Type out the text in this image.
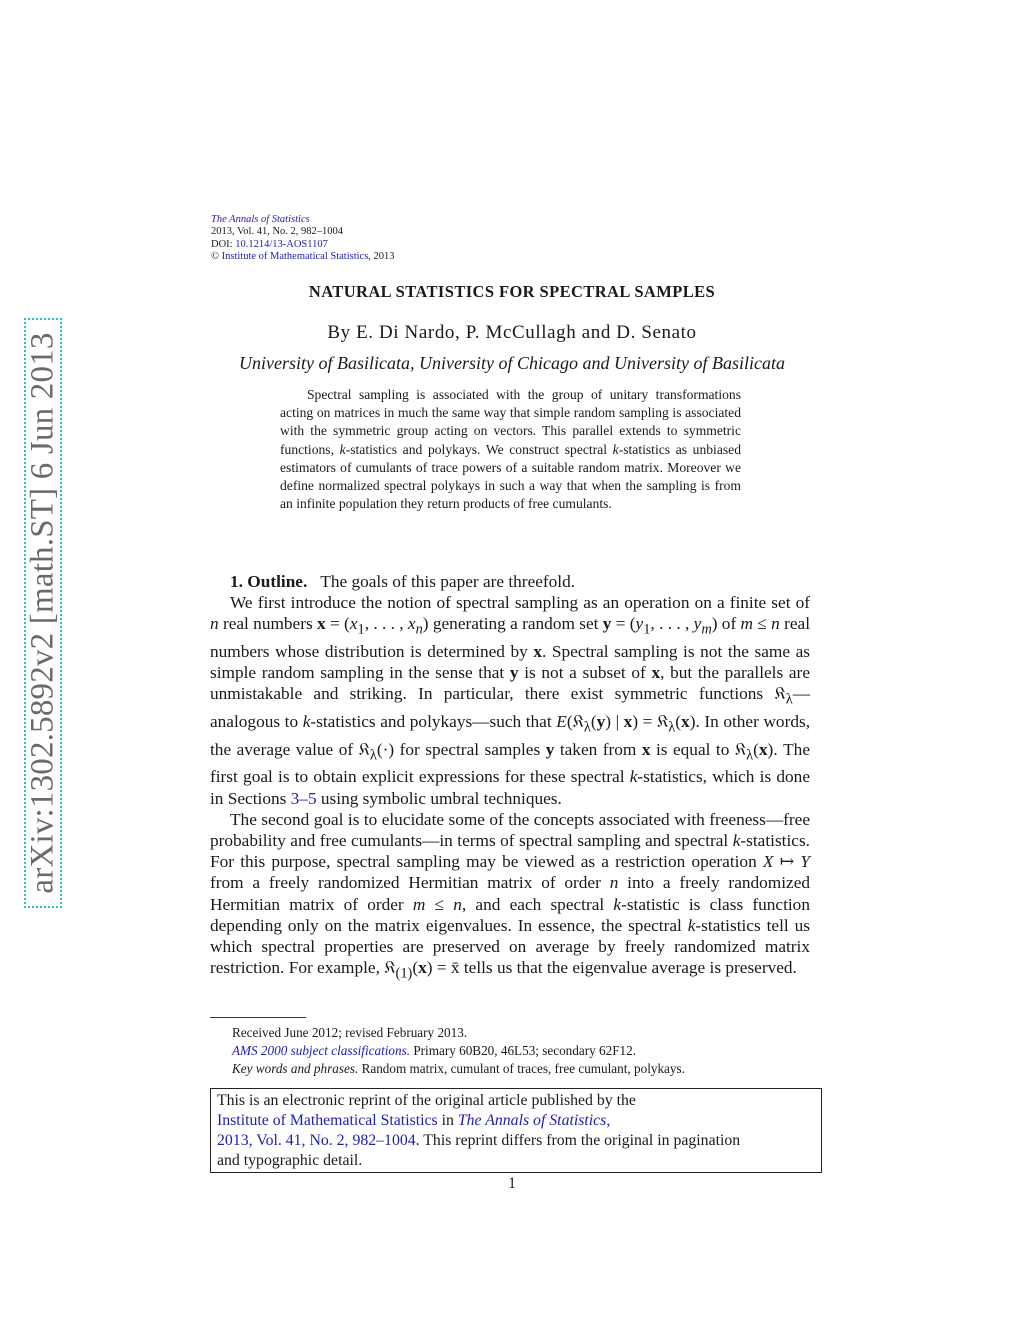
arXiv:1302.5892v2 [math.ST] 6 Jun 2013
The Annals of Statistics
2013, Vol. 41, No. 2, 982–1004
DOI: 10.1214/13-AOS1107
© Institute of Mathematical Statistics, 2013
NATURAL STATISTICS FOR SPECTRAL SAMPLES
By E. Di Nardo, P. McCullagh and D. Senato
University of Basilicata, University of Chicago and University of Basilicata

Spectral sampling is associated with the group of unitary transformations acting on matrices in much the same way that simple random sampling is associated with the symmetric group acting on vectors. This parallel extends to symmetric functions, k-statistics and polykays. We construct spectral k-statistics as unbiased estimators of cumulants of trace powers of a suitable random matrix. Moreover we define normalized spectral polykays in such a way that when the sampling is from an infinite population they return products of free cumulants.

1. Outline. The goals of this paper are threefold.

We first introduce the notion of spectral sampling as an operation on a finite set of n real numbers $x = (x_1$, . . . , $x_n$) generating a random set $y = (y_1$, . . . , $y_m$) of m ≤ n real numbers whose distribution is determined by x. Spectral sampling is not the same as simple random sampling in the sense that y is not a subset of x, but the parallels are unmistakable and striking. In particular, there exist symmetric functions 𝔎$_\lambda$—analogous to k-statistics and polykays—such that E(𝔎$_\lambda$(y) | x) = 𝔎$_\lambda$(x). In other words, the average value of 𝔎$_\lambda$(·) for spectral samples y taken from x is equal to 𝔎$_\lambda$(x). The first goal is to obtain explicit expressions for these spectral k-statistics, which is done in Sections 3–5 using symbolic umbral techniques.

The second goal is to elucidate some of the concepts associated with freeness—free probability and free cumulants—in terms of spectral sampling and spectral k-statistics. For this purpose, spectral sampling may be viewed as a restriction operation X ↦ Y from a freely randomized Hermitian matrix of order n into a freely randomized Hermitian matrix of order m ≤ n, and each spectral k-statistic is class function depending only on the matrix eigenvalues. In essence, the spectral k-statistics tell us which spectral properties are preserved on average by freely randomized matrix restriction. For example, 𝔎$_{(1)}$(x) = x̄ tells us that the eigenvalue average is preserved.

Received June 2012; revised February 2013.
AMS 2000 subject classifications. Primary 60B20, 46L53; secondary 62F12.
Key words and phrases. Random matrix, cumulant of traces, free cumulant, polykays.
This is an electronic reprint of the original article published by the
Institute of Mathematical Statistics in The Annals of Statistics,
2013, Vol. 41, No. 2, 982–1004. This reprint differs from the original in pagination
and typographic detail.
1
